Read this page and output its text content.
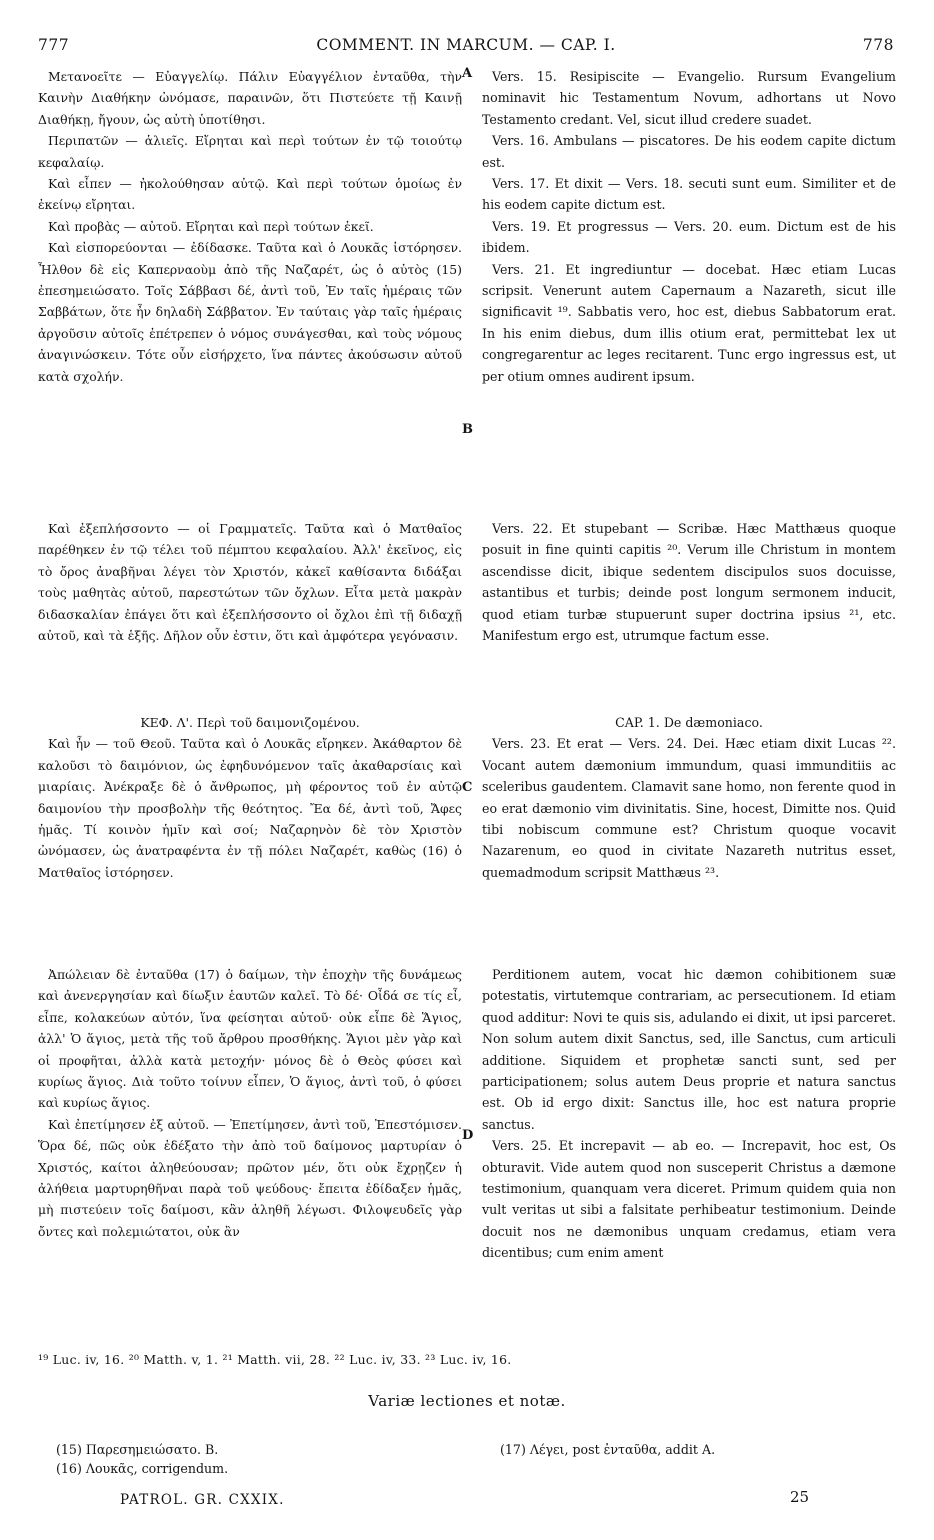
777	COMMENT. IN MARCUM. — CAP. I.	778

Μετανοεῖτε — Εὐαγγελίῳ. Πάλιν Εὐαγγέλιον ἐνταῦθα, τὴν Καινὴν Διαθήκην ὠνόμασε, παραινῶν, ὅτι Πιστεύετε τῇ Καινῇ Διαθήκῃ, ἤγουν, ὡς αὐτὴ ὑποτίθησι.

Περιπατῶν — ἁλιεῖς. Εἴρηται καὶ περὶ τούτων ἐν τῷ τοιούτῳ κεφαλαίῳ.

Καὶ εἶπεν — ἠκολούθησαν αὐτῷ. Καὶ περὶ τούτων ὁμοίως ἐν ἐκείνῳ εἴρηται.

Καὶ προβὰς — αὐτοῦ. Εἴρηται καὶ περὶ τούτων ἐκεῖ.

Καὶ εἰσπορεύονται — ἐδίδασκε. Ταῦτα καὶ ὁ Λουκᾶς ἱστόρησεν. Ἦλθον δὲ εἰς Καπερναοὺμ ἀπὸ τῆς Ναζαρέτ, ὡς ὁ αὐτὸς (15) ἐπεσημειώσατο. Τοῖς Σάββασι δέ, ἀντὶ τοῦ, Ἐν ταῖς ἡμέραις τῶν Σαββάτων, ὅτε ἦν δηλαδὴ Σάββατον. Ἐν ταύταις γὰρ ταῖς ἡμέραις ἀργοῦσιν αὐτοῖς ἐπέτρεπεν ὁ νόμος συνάγεσθαι, καὶ τοὺς νόμους ἀναγινώσκειν. Τότε οὖν εἰσήρχετο, ἵνα πάντες ἀκούσωσιν αὐτοῦ κατὰ σχολήν.

Καὶ ἐξεπλήσσοντο — οἱ Γραμματεῖς. Ταῦτα καὶ ὁ Ματθαῖος παρέθηκεν ἐν τῷ τέλει τοῦ πέμπτου κεφαλαίου. Ἀλλ' ἐκεῖνος, εἰς τὸ ὄρος ἀναβῆναι λέγει τὸν Χριστόν, κἀκεῖ καθίσαντα διδάξαι τοὺς μαθητὰς αὐτοῦ, παρεστώτων τῶν ὄχλων. Εἶτα μετὰ μακρὰν διδασκαλίαν ἐπάγει ὅτι καὶ ἐξεπλήσσοντο οἱ ὄχλοι ἐπὶ τῇ διδαχῇ αὐτοῦ, καὶ τὰ ἑξῆς. Δῆλον οὖν ἐστιν, ὅτι καὶ ἀμφότερα γεγόνασιν.

ΚΕΦ. Λ'. Περὶ τοῦ δαιμονιζομένου.

Καὶ ἦν — τοῦ Θεοῦ. Ταῦτα καὶ ὁ Λουκᾶς εἴρηκεν. Ἀκάθαρτον δὲ καλοῦσι τὸ δαιμόνιον, ὡς ἐφηδυνόμενον ταῖς ἀκαθαρσίαις καὶ μιαρίαις. Ἀνέκραξε δὲ ὁ ἄνθρωπος, μὴ φέροντος τοῦ ἐν αὐτῷ δαιμονίου τὴν προσβολὴν τῆς θεότητος. Ἔα δέ, ἀντὶ τοῦ, Ἄφες ἡμᾶς. Τί κοινὸν ἡμῖν καὶ σοί; Ναζαρηνὸν δὲ τὸν Χριστὸν ὠνόμασεν, ὡς ἀνατραφέντα ἐν τῇ πόλει Ναζαρέτ, καθὼς (16) ὁ Ματθαῖος ἱστόρησεν.

Ἀπώλειαν δὲ ἐνταῦθα (17) ὁ δαίμων, τὴν ἐποχὴν τῆς δυνάμεως καὶ ἀνενεργησίαν καὶ δίωξιν ἑαυτῶν καλεῖ. Τὸ δέ· Οἶδά σε τίς εἶ, εἶπε, κολακεύων αὐτόν, ἵνα φείσηται αὐτοῦ· οὐκ εἶπε δὲ Ἅγιος, ἀλλ' Ὁ ἅγιος, μετὰ τῆς τοῦ ἄρθρου προσθήκης. Ἅγιοι μὲν γὰρ καὶ οἱ προφῆται, ἀλλὰ κατὰ μετοχήν· μόνος δὲ ὁ Θεὸς φύσει καὶ κυρίως ἅγιος. Διὰ τοῦτο τοίνυν εἶπεν, Ὁ ἅγιος, ἀντὶ τοῦ, ὁ φύσει καὶ κυρίως ἅγιος.

Καὶ ἐπετίμησεν ἐξ αὐτοῦ. — Ἐπετίμησεν, ἀντὶ τοῦ, Ἐπεστόμισεν. Ὅρα δέ, πῶς οὐκ ἐδέξατο τὴν ἀπὸ τοῦ δαίμονος μαρτυρίαν ὁ Χριστός, καίτοι ἀληθεύουσαν; πρῶτον μέν, ὅτι οὐκ ἔχρῃζεν ἡ ἀλήθεια μαρτυρηθῆναι παρὰ τοῦ ψεύδους· ἔπειτα ἐδίδαξεν ἡμᾶς, μὴ πιστεύειν τοῖς δαίμοσι, κἂν ἀληθῆ λέγωσι. Φιλοψευδεῖς γὰρ ὄντες καὶ πολεμιώτατοι, οὐκ ἂν

A
B
C
D

Vers. 15. Resipiscite — Evangelio. Rursum Evangelium nominavit hic Testamentum Novum, adhortans ut Novo Testamento credant. Vel, sicut illud credere suadet.

Vers. 16. Ambulans — piscatores. De his eodem capite dictum est.

Vers. 17. Et dixit — Vers. 18. secuti sunt eum. Similiter et de his eodem capite dictum est.

Vers. 19. Et progressus — Vers. 20. eum. Dictum est de his ibidem.

Vers. 21. Et ingrediuntur — docebat. Hæc etiam Lucas scripsit. Venerunt autem Capernaum a Nazareth, sicut ille significavit ¹⁹. Sabbatis vero, hoc est, diebus Sabbatorum erat. In his enim diebus, dum illis otium erat, permittebat lex ut congregarentur ac leges recitarent. Tunc ergo ingressus est, ut per otium omnes audirent ipsum.

Vers. 22. Et stupebant — Scribæ. Hæc Matthæus quoque posuit in fine quinti capitis ²⁰. Verum ille Christum in montem ascendisse dicit, ibique sedentem discipulos suos docuisse, astantibus et turbis; deinde post longum sermonem inducit, quod etiam turbæ stupuerunt super doctrina ipsius ²¹, etc. Manifestum ergo est, utrumque factum esse.

CAP. 1. De dæmoniaco.

Vers. 23. Et erat — Vers. 24. Dei. Hæc etiam dixit Lucas ²². Vocant autem dæmonium immundum, quasi immunditiis ac sceleribus gaudentem. Clamavit sane homo, non ferente quod in eo erat dæmonio vim divinitatis. Sine, hocest, Dimitte nos. Quid tibi nobiscum commune est? Christum quoque vocavit Nazarenum, eo quod in civitate Nazareth nutritus esset, quemadmodum scripsit Matthæus ²³.

Perditionem autem, vocat hic dæmon cohibitionem suæ potestatis, virtutemque contrariam, ac persecutionem. Id etiam quod additur: Novi te quis sis, adulando ei dixit, ut ipsi parceret. Non solum autem dixit Sanctus, sed, ille Sanctus, cum articuli additione. Siquidem et prophetæ sancti sunt, sed per participationem; solus autem Deus proprie et natura sanctus est. Ob id ergo dixit: Sanctus ille, hoc est natura proprie sanctus.

Vers. 25. Et increpavit — ab eo. — Increpavit, hoc est, Os obturavit. Vide autem quod non susceperit Christus a dæmone testimonium, quanquam vera diceret. Primum quidem quia non vult veritas ut sibi a falsitate perhibeatur testimonium. Deinde docuit nos ne dæmonibus unquam credamus, etiam vera dicentibus; cum enim ament

¹⁹ Luc. iv, 16. ²⁰ Matth. v, 1. ²¹ Matth. vii, 28. ²² Luc. iv, 33. ²³ Luc. iv, 16.
Variæ lectiones et notæ.
(15) Παρεσημειώσατο. B.
(16) Λουκᾶς, corrigendum.
(17) Λέγει, post ἐνταῦθα, addit A.
PATROL. GR. CXXIX.	25
